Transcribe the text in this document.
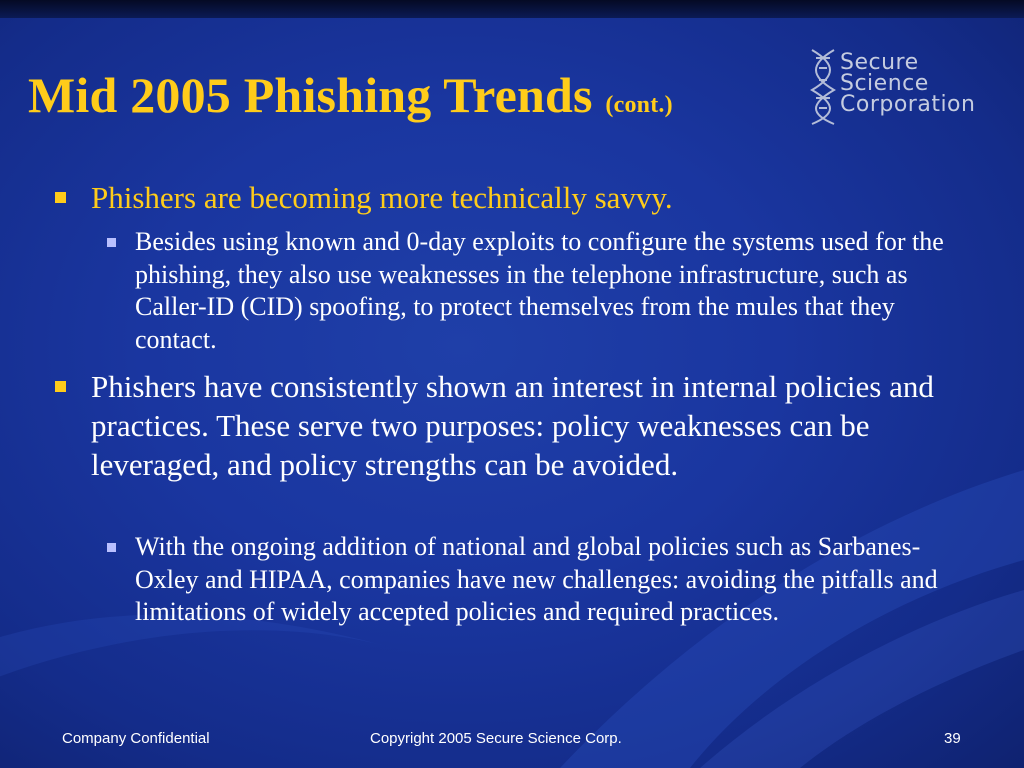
Mid 2005 Phishing Trends (cont.)
Secure
Science
Corporation
Phishers are becoming more technically savvy.
Besides using known and 0-day exploits to configure the systems used for the phishing, they also use weaknesses in the telephone infrastructure, such as Caller-ID (CID) spoofing, to protect themselves from the mules that they contact.
Phishers have consistently shown an interest in internal policies and practices. These serve two purposes: policy weaknesses can be leveraged, and policy strengths can be avoided.
With the ongoing addition of national and global policies such as Sarbanes-Oxley and HIPAA, companies have new challenges: avoiding the pitfalls and limitations of widely accepted policies and required practices.
Company Confidential	Copyright 2005 Secure Science Corp.	39
